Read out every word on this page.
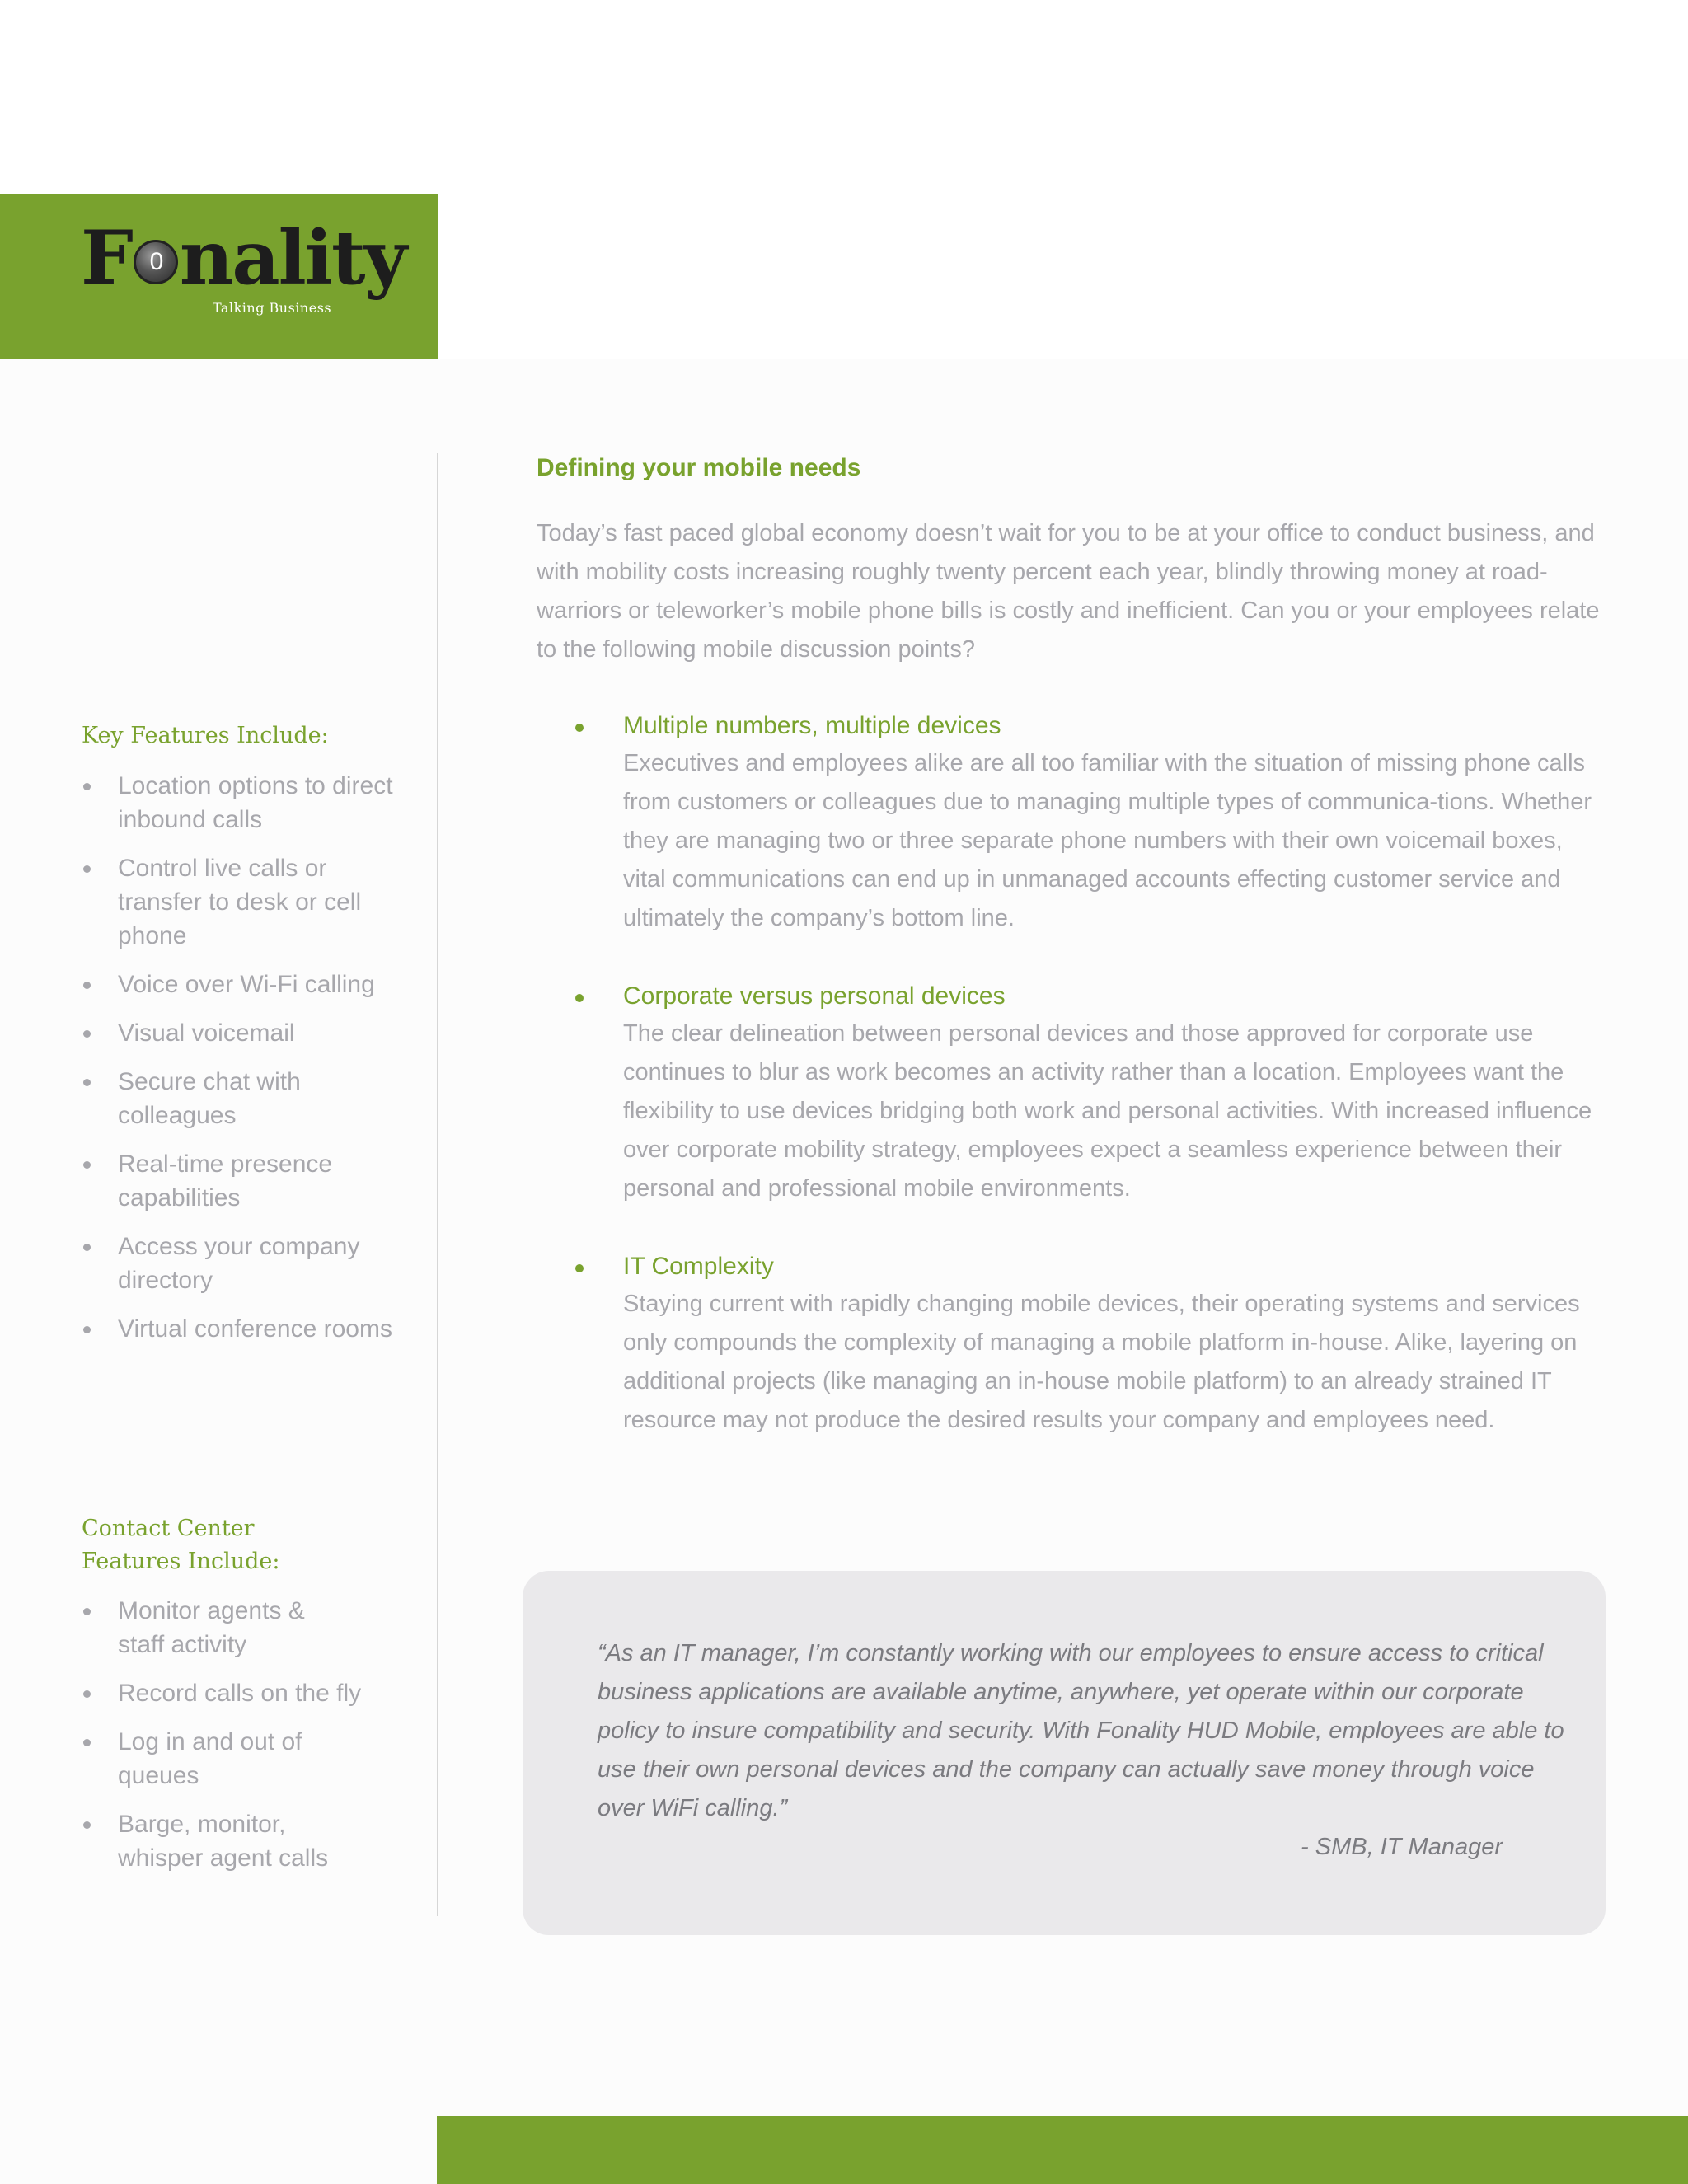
F 0 nality
Talking Business
Key Features Include:
Location options to direct inbound calls
Control live calls or transfer to desk or cell phone
Voice over Wi-Fi calling
Visual voicemail
Secure chat with colleagues
Real-time presence capabilities
Access your company directory
Virtual conference rooms
Contact Center Features Include:
Monitor agents & staff activity
Record calls on the fly
Log in and out of queues
Barge, monitor, whisper agent calls
Defining your mobile needs

Today’s fast paced global economy doesn’t wait for you to be at your office to conduct business, and with mobility costs increasing roughly twenty percent each year, blindly throwing money at road-warriors or teleworker’s mobile phone bills is costly and inefficient. Can you or your employees relate to the following mobile discussion points?

Multiple numbers, multiple devices

Executives and employees alike are all too familiar with the situation of missing phone calls from customers or colleagues due to managing multiple types of communica-tions. Whether they are managing two or three separate phone numbers with their own voicemail boxes, vital communications can end up in unmanaged accounts effecting customer service and ultimately the company’s bottom line.

Corporate versus personal devices

The clear delineation between personal devices and those approved for corporate use continues to blur as work becomes an activity rather than a location. Employees want the flexibility to use devices bridging both work and personal activities. With increased influence over corporate mobility strategy, employees expect a seamless experience between their personal and professional mobile environments.

IT Complexity

Staying current with rapidly changing mobile devices, their operating systems and services only compounds the complexity of managing a mobile platform in-house. Alike, layering on additional projects (like managing an in-house mobile platform) to an already strained IT resource may not produce the desired results your company and employees need.

“As an IT manager, I’m constantly working with our employees to ensure access to critical business applications are available anytime, anywhere, yet operate within our corporate policy to insure compatibility and security. With Fonality HUD Mobile, employees are able to use their own personal devices and the company can actually save money through voice over WiFi calling.”

- SMB, IT Manager
